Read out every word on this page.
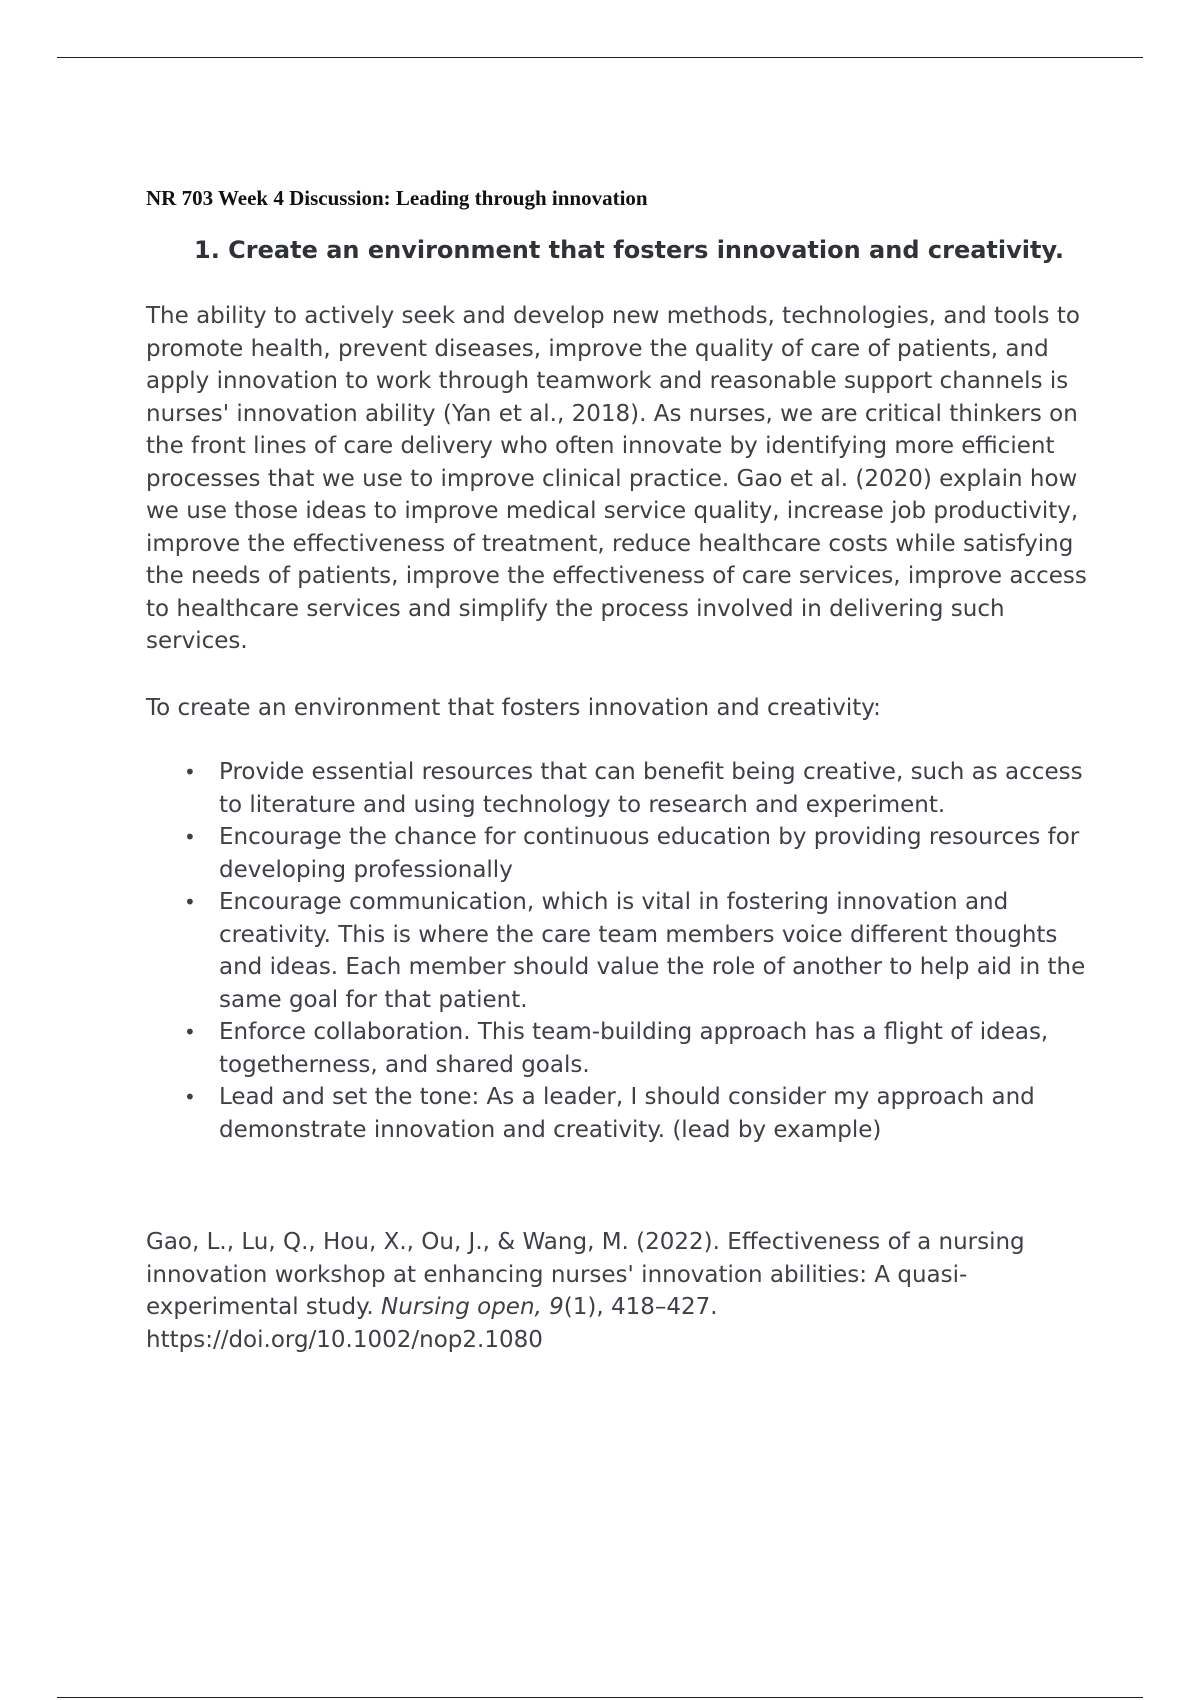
NR 703 Week 4 Discussion: Leading through innovation
1. Create an environment that fosters innovation and creativity.

The ability to actively seek and develop new methods, technologies, and tools to promote health, prevent diseases, improve the quality of care of patients, and apply innovation to work through teamwork and reasonable support channels is nurses' innovation ability (Yan et al., 2018). As nurses, we are critical thinkers on the front lines of care delivery who often innovate by identifying more efficient processes that we use to improve clinical practice. Gao et al. (2020) explain how we use those ideas to improve medical service quality, increase job productivity, improve the effectiveness of treatment, reduce healthcare costs while satisfying the needs of patients, improve the effectiveness of care services, improve access to healthcare services and simplify the process involved in delivering such services.

To create an environment that fosters innovation and creativity:

• Provide essential resources that can benefit being creative, such as access to literature and using technology to research and experiment.
• Encourage the chance for continuous education by providing resources for developing professionally
• Encourage communication, which is vital in fostering innovation and creativity. This is where the care team members voice different thoughts and ideas. Each member should value the role of another to help aid in the same goal for that patient.
• Enforce collaboration. This team-building approach has a flight of ideas, togetherness, and shared goals.
• Lead and set the tone: As a leader, I should consider my approach and demonstrate innovation and creativity. (lead by example)

Gao, L., Lu, Q., Hou, X., Ou, J., & Wang, M. (2022). Effectiveness of a nursing innovation workshop at enhancing nurses' innovation abilities: A quasi- experimental study. Nursing open, 9(1), 418–427.
https://doi.org/10.1002/nop2.1080
